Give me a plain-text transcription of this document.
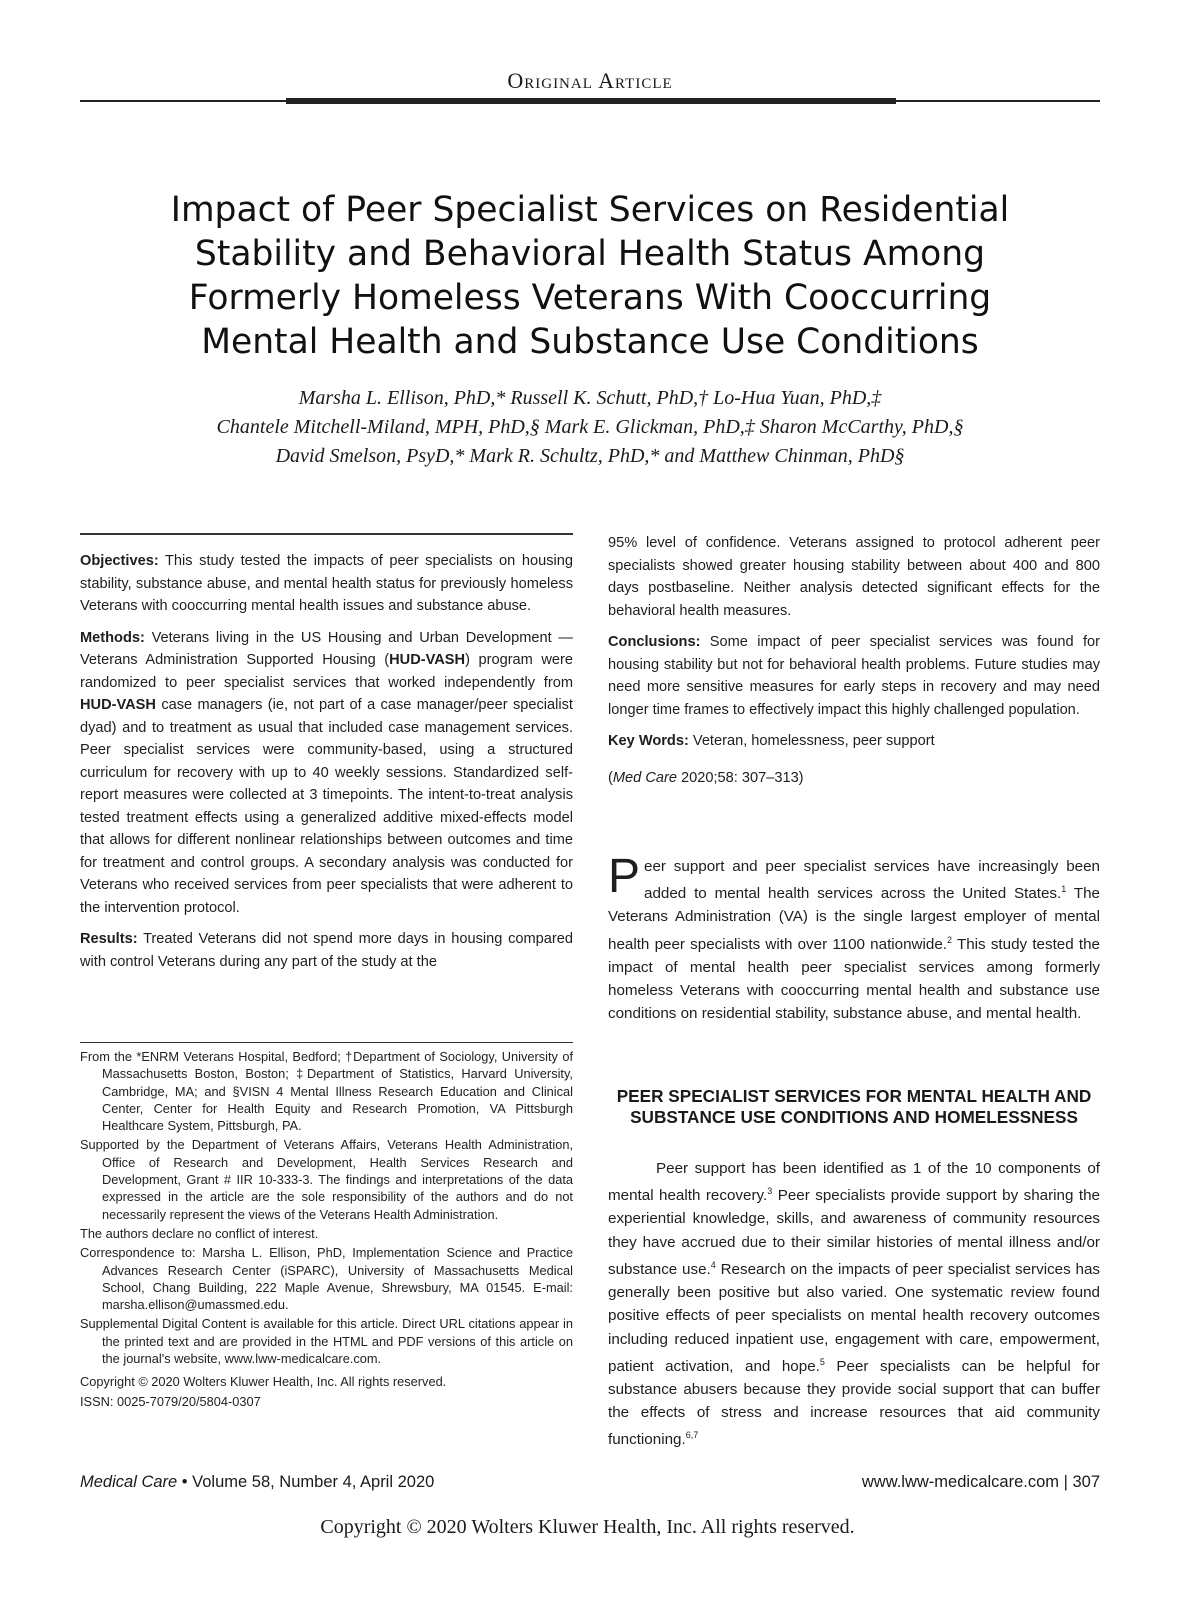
Original Article
Impact of Peer Specialist Services on Residential
Stability and Behavioral Health Status Among
Formerly Homeless Veterans With Cooccurring
Mental Health and Substance Use Conditions
Marsha L. Ellison, PhD,* Russell K. Schutt, PhD,† Lo-Hua Yuan, PhD,‡
Chantele Mitchell-Miland, MPH, PhD,§ Mark E. Glickman, PhD,‡ Sharon McCarthy, PhD,§
David Smelson, PsyD,* Mark R. Schultz, PhD,* and Matthew Chinman, PhD§

Objectives: This study tested the impacts of peer specialists on housing stability, substance abuse, and mental health status for previously homeless Veterans with cooccurring mental health issues and substance abuse.

Methods: Veterans living in the US Housing and Urban Development —Veterans Administration Supported Housing (HUD-VASH) program were randomized to peer specialist services that worked independently from HUD-VASH case managers (ie, not part of a case manager/peer specialist dyad) and to treatment as usual that included case management services. Peer specialist services were community-based, using a structured curriculum for recovery with up to 40 weekly sessions. Standardized self-report measures were collected at 3 timepoints. The intent-to-treat analysis tested treatment effects using a generalized additive mixed-effects model that allows for different nonlinear relationships between outcomes and time for treatment and control groups. A secondary analysis was conducted for Veterans who received services from peer specialists that were adherent to the intervention protocol.

Results: Treated Veterans did not spend more days in housing compared with control Veterans during any part of the study at the

95% level of confidence. Veterans assigned to protocol adherent peer specialists showed greater housing stability between about 400 and 800 days postbaseline. Neither analysis detected significant effects for the behavioral health measures.

Conclusions: Some impact of peer specialist services was found for housing stability but not for behavioral health problems. Future studies may need more sensitive measures for early steps in recovery and may need longer time frames to effectively impact this highly challenged population.

Key Words: Veteran, homelessness, peer support

(Med Care 2020;58: 307–313)

Peer support and peer specialist services have increasingly been added to mental health services across the United States.$^1$ The Veterans Administration (VA) is the single largest employer of mental health peer specialists with over 1100 nationwide.$^2$ This study tested the impact of mental health peer specialist services among formerly homeless Veterans with cooccurring mental health and substance use conditions on residential stability, substance abuse, and mental health.
PEER SPECIALIST SERVICES FOR MENTAL HEALTH AND SUBSTANCE USE CONDITIONS AND HOMELESSNESS
Peer support has been identified as 1 of the 10 components of mental health recovery.$^3$ Peer specialists provide support by sharing the experiential knowledge, skills, and awareness of community resources they have accrued due to their similar histories of mental illness and/or substance use.$^4$ Research on the impacts of peer specialist services has generally been positive but also varied. One systematic review found positive effects of peer specialists on mental health recovery outcomes including reduced inpatient use, engagement with care, empowerment, patient activation, and hope.$^5$ Peer specialists can be helpful for substance abusers because they provide social support that can buffer the effects of stress and increase resources that aid community functioning.$^{6,7}$

From the *ENRM Veterans Hospital, Bedford; †Department of Sociology, University of Massachusetts Boston, Boston; ‡Department of Statistics, Harvard University, Cambridge, MA; and §VISN 4 Mental Illness Research Education and Clinical Center, Center for Health Equity and Research Promotion, VA Pittsburgh Healthcare System, Pittsburgh, PA.

Supported by the Department of Veterans Affairs, Veterans Health Administration, Office of Research and Development, Health Services Research and Development, Grant # IIR 10-333-3. The findings and interpretations of the data expressed in the article are the sole responsibility of the authors and do not necessarily represent the views of the Veterans Health Administration.

The authors declare no conflict of interest.

Correspondence to: Marsha L. Ellison, PhD, Implementation Science and Practice Advances Research Center (iSPARC), University of Massachusetts Medical School, Chang Building, 222 Maple Avenue, Shrewsbury, MA 01545. E-mail: marsha.ellison@umassmed.edu.

Supplemental Digital Content is available for this article. Direct URL citations appear in the printed text and are provided in the HTML and PDF versions of this article on the journal's website, www.lww-medicalcare.com.

Copyright © 2020 Wolters Kluwer Health, Inc. All rights reserved.

ISSN: 0025-7079/20/5804-0307

Medical Care • Volume 58, Number 4, April 2020	www.lww-medicalcare.com | 307
Copyright © 2020 Wolters Kluwer Health, Inc. All rights reserved.
